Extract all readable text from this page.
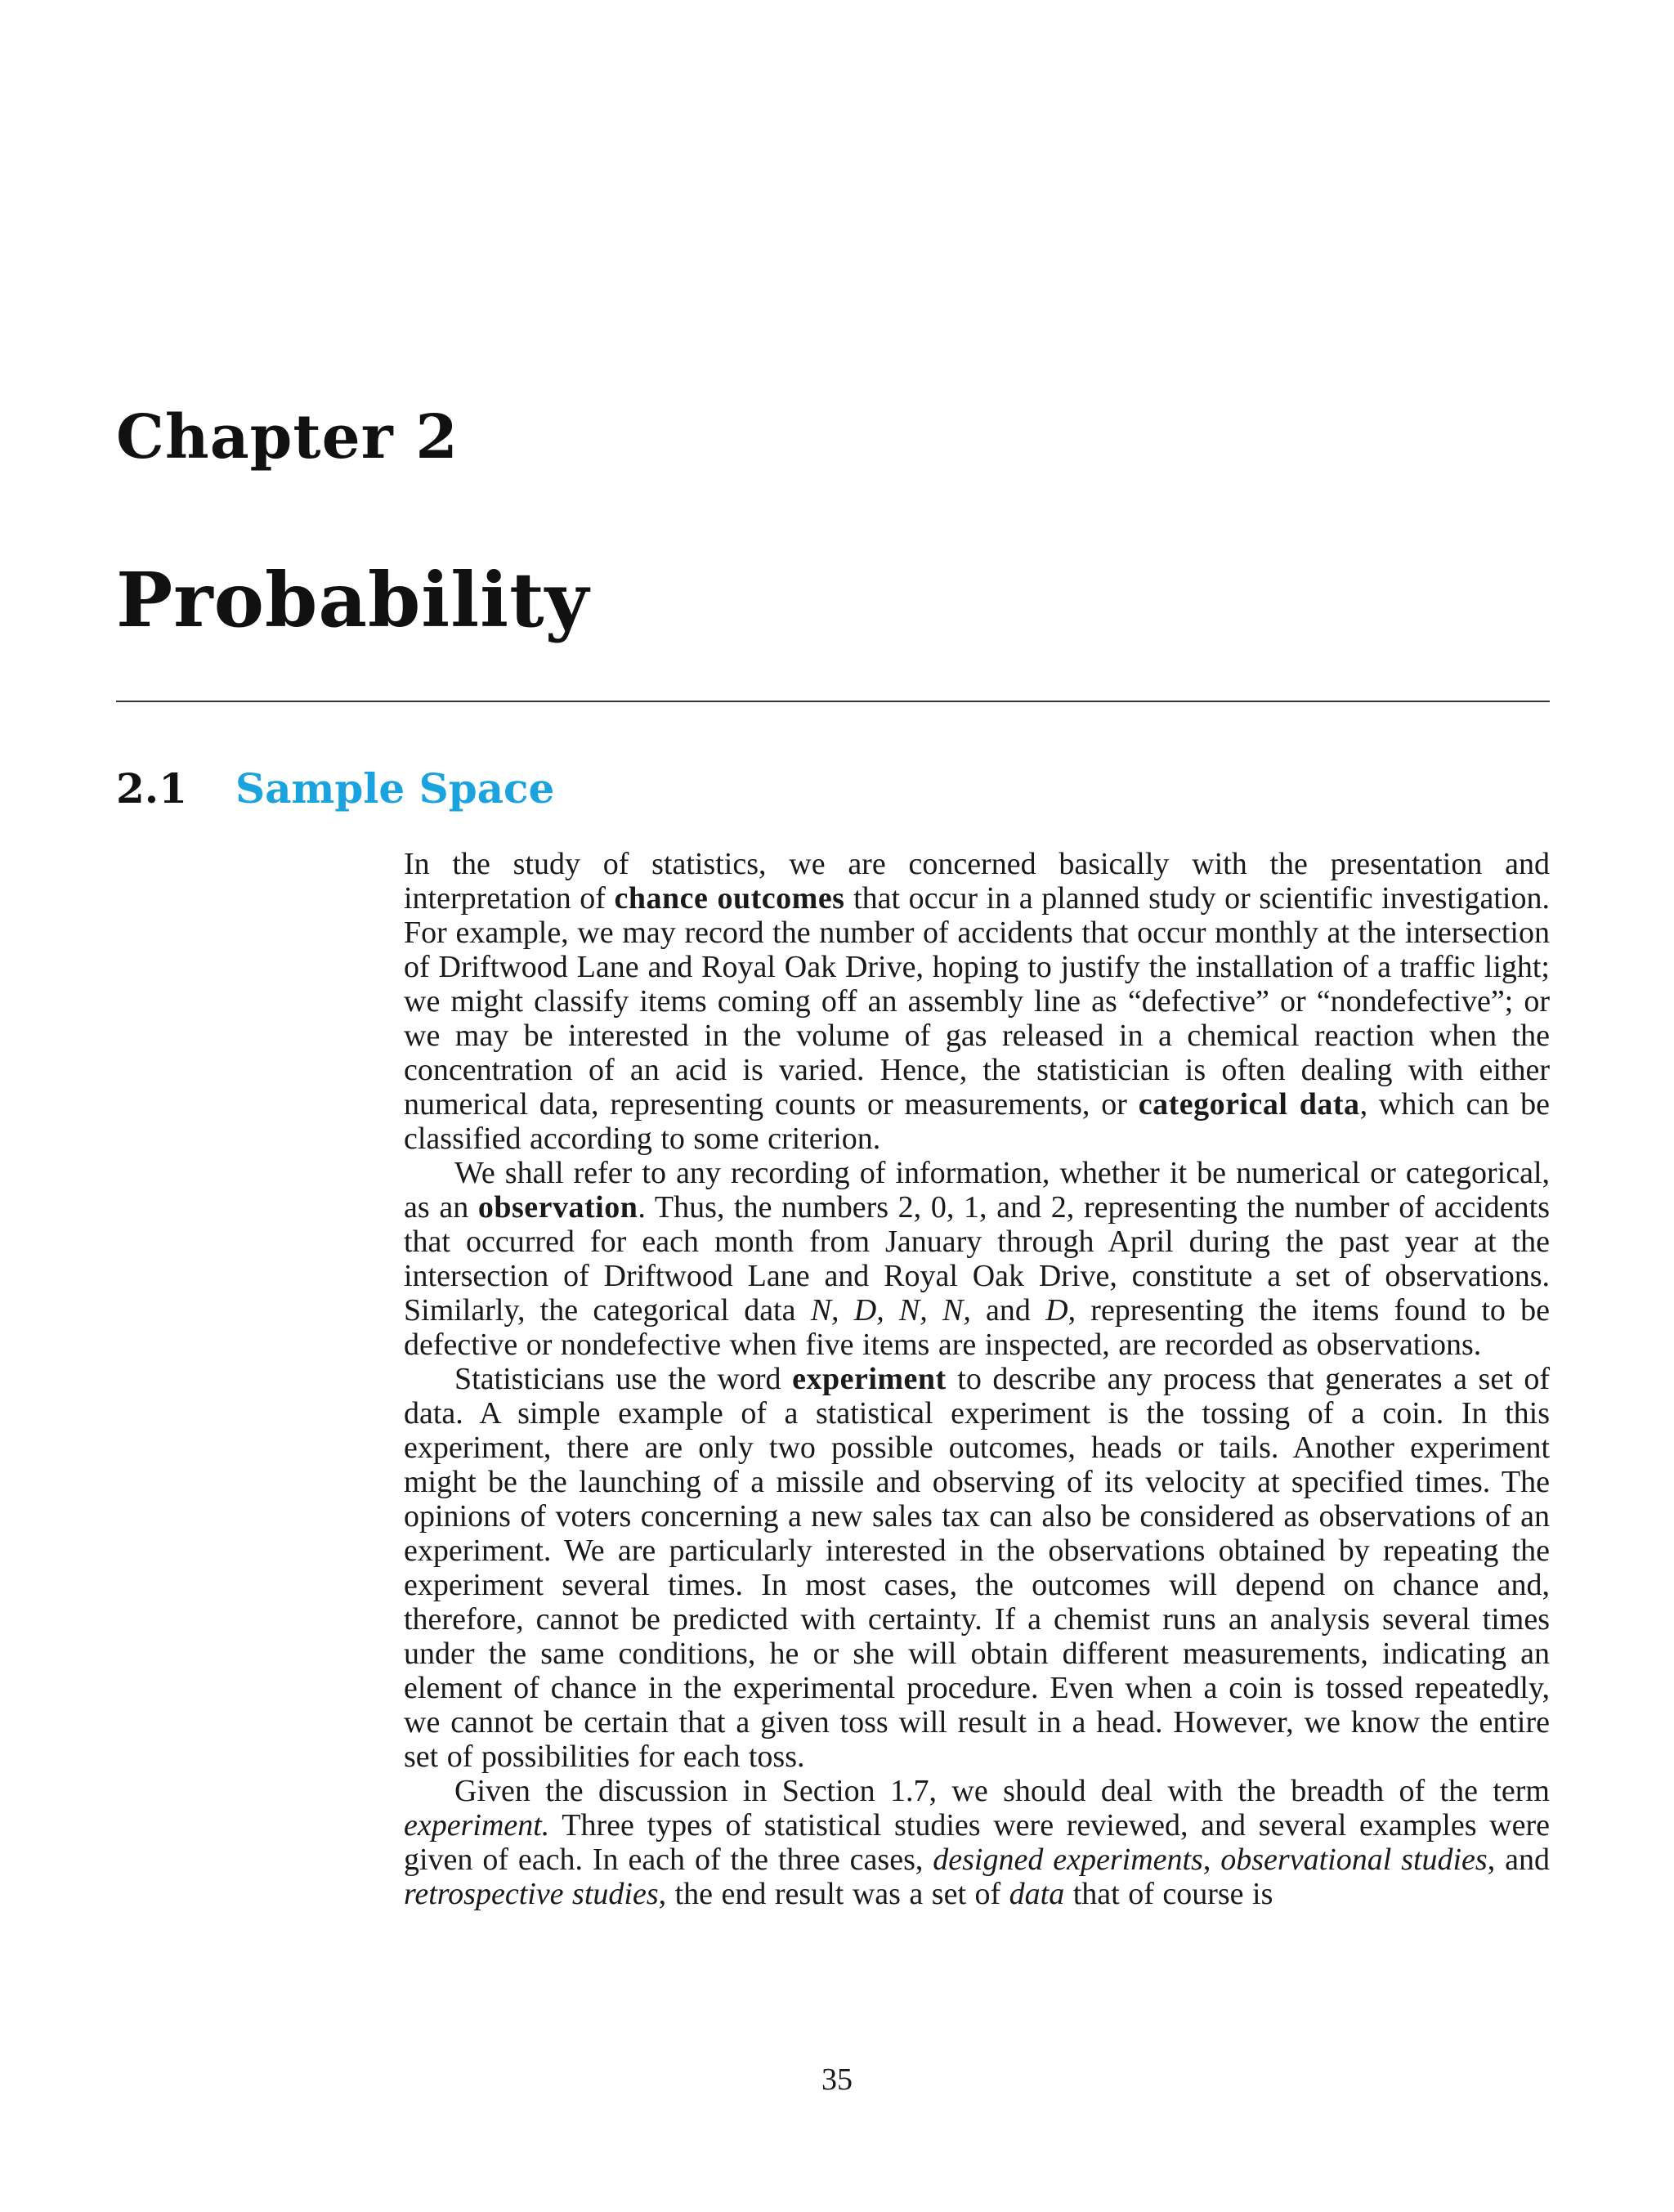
Chapter 2
Probability
2.1 Sample Space

In the study of statistics, we are concerned basically with the presentation and interpretation of chance outcomes that occur in a planned study or scientific investigation. For example, we may record the number of accidents that occur monthly at the intersection of Driftwood Lane and Royal Oak Drive, hoping to justify the installation of a traffic light; we might classify items coming off an assembly line as “defective” or “nondefective”; or we may be interested in the volume of gas released in a chemical reaction when the concentration of an acid is varied. Hence, the statistician is often dealing with either numerical data, representing counts or measurements, or categorical data, which can be classified according to some criterion.

We shall refer to any recording of information, whether it be numerical or categorical, as an observation. Thus, the numbers 2, 0, 1, and 2, representing the number of accidents that occurred for each month from January through April during the past year at the intersection of Driftwood Lane and Royal Oak Drive, constitute a set of observations. Similarly, the categorical data N, D, N, N, and D, representing the items found to be defective or nondefective when five items are inspected, are recorded as observations.

Statisticians use the word experiment to describe any process that generates a set of data. A simple example of a statistical experiment is the tossing of a coin. In this experiment, there are only two possible outcomes, heads or tails. Another experiment might be the launching of a missile and observing of its velocity at specified times. The opinions of voters concerning a new sales tax can also be considered as observations of an experiment. We are particularly interested in the observations obtained by repeating the experiment several times. In most cases, the outcomes will depend on chance and, therefore, cannot be predicted with certainty. If a chemist runs an analysis several times under the same conditions, he or she will obtain different measurements, indicating an element of chance in the experimental procedure. Even when a coin is tossed repeatedly, we cannot be certain that a given toss will result in a head. However, we know the entire set of possibilities for each toss.

Given the discussion in Section 1.7, we should deal with the breadth of the term experiment. Three types of statistical studies were reviewed, and several examples were given of each. In each of the three cases, designed experiments, observational studies, and retrospective studies, the end result was a set of data that of course is

35
